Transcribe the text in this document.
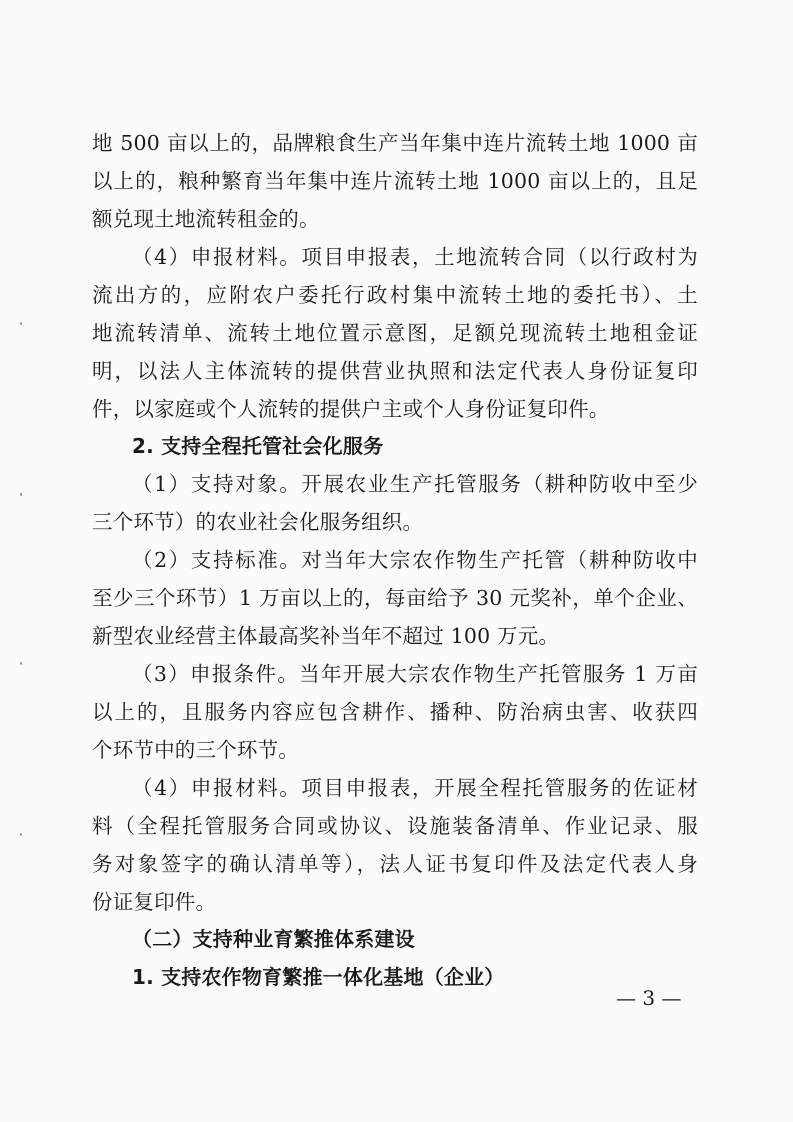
地 500 亩以上的，品牌粮食生产当年集中连片流转土地 1000 亩
以上的，粮种繁育当年集中连片流转土地 1000 亩以上的，且足
额兑现土地流转租金的。
（4）申报材料。项目申报表，土地流转合同（以行政村为
流出方的，应附农户委托行政村集中流转土地的委托书）、土
地流转清单、流转土地位置示意图，足额兑现流转土地租金证
明，以法人主体流转的提供营业执照和法定代表人身份证复印
件，以家庭或个人流转的提供户主或个人身份证复印件。
2. 支持全程托管社会化服务
（1）支持对象。开展农业生产托管服务（耕种防收中至少
三个环节）的农业社会化服务组织。
（2）支持标准。对当年大宗农作物生产托管（耕种防收中
至少三个环节）1 万亩以上的，每亩给予 30 元奖补，单个企业、
新型农业经营主体最高奖补当年不超过 100 万元。
（3）申报条件。当年开展大宗农作物生产托管服务 1 万亩
以上的，且服务内容应包含耕作、播种、防治病虫害、收获四
个环节中的三个环节。
（4）申报材料。项目申报表，开展全程托管服务的佐证材
料（全程托管服务合同或协议、设施装备清单、作业记录、服
务对象签字的确认清单等），法人证书复印件及法定代表人身
份证复印件。
（二）支持种业育繁推体系建设
1. 支持农作物育繁推一体化基地（企业）
— 3 —
